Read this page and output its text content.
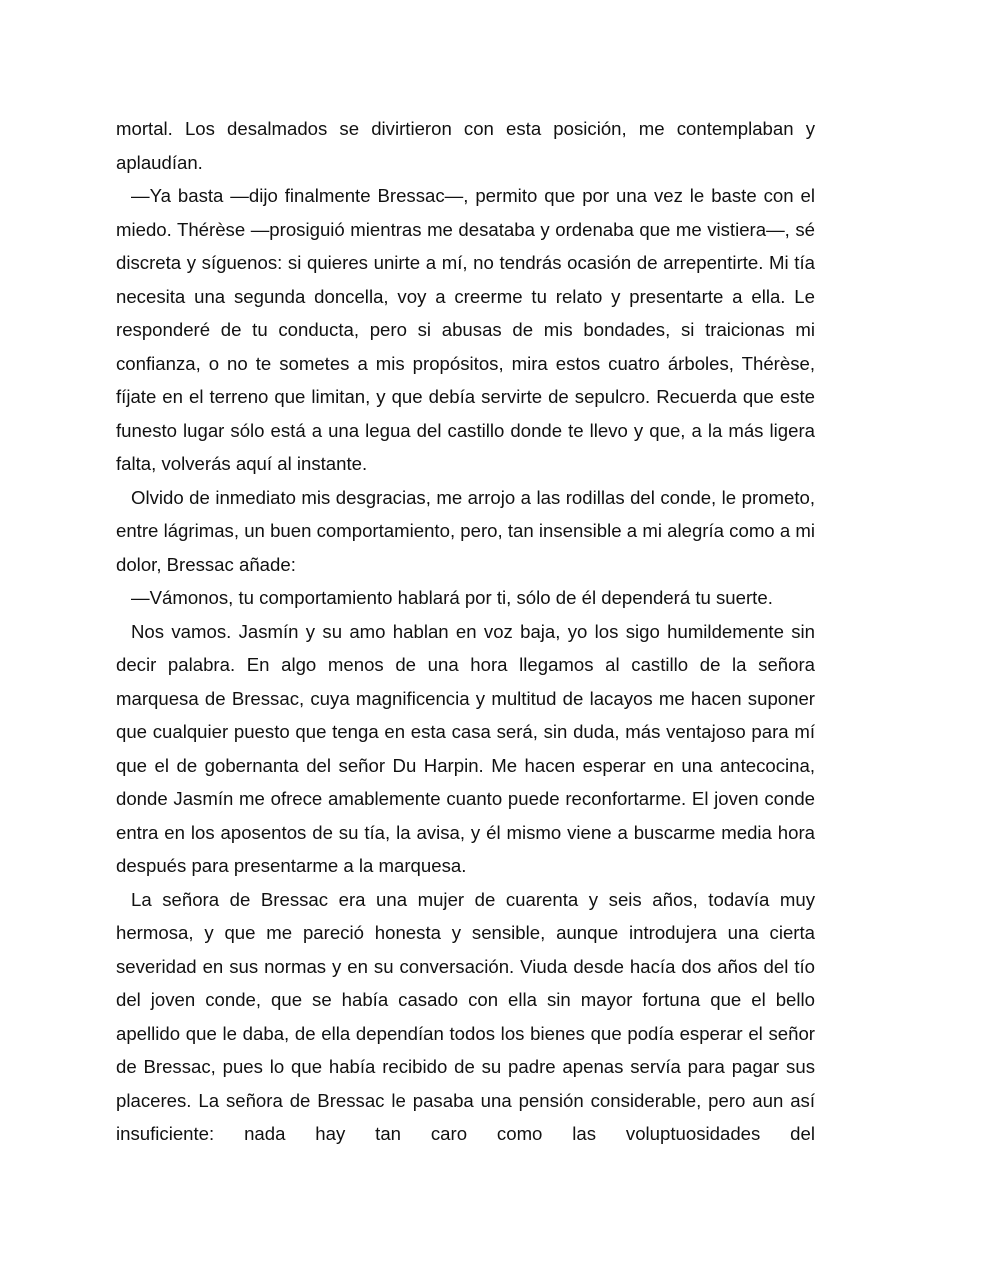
mortal. Los desalmados se divirtieron con esta posición, me contemplaban y aplaudían.

—Ya basta —dijo finalmente Bressac—, permito que por una vez le baste con el miedo. Thérèse —prosiguió mientras me desataba y ordenaba que me vistiera—, sé discreta y síguenos: si quieres unirte a mí, no tendrás ocasión de arrepentirte. Mi tía necesita una segunda doncella, voy a creerme tu relato y presentarte a ella. Le responderé de tu conducta, pero si abusas de mis bondades, si traicionas mi confianza, o no te sometes a mis propósitos, mira estos cuatro árboles, Thérèse, fíjate en el terreno que limitan, y que debía servirte de sepulcro. Recuerda que este funesto lugar sólo está a una legua del castillo donde te llevo y que, a la más ligera falta, volverás aquí al instante.

Olvido de inmediato mis desgracias, me arrojo a las rodillas del conde, le prometo, entre lágrimas, un buen comportamiento, pero, tan insensible a mi alegría como a mi dolor, Bressac añade:

—Vámonos, tu comportamiento hablará por ti, sólo de él dependerá tu suerte.

Nos vamos. Jasmín y su amo hablan en voz baja, yo los sigo humildemente sin decir palabra. En algo menos de una hora llegamos al castillo de la señora marquesa de Bressac, cuya magnificencia y multitud de lacayos me hacen suponer que cualquier puesto que tenga en esta casa será, sin duda, más ventajoso para mí que el de gobernanta del señor Du Harpin. Me hacen esperar en una antecocina, donde Jasmín me ofrece amablemente cuanto puede reconfortarme. El joven conde entra en los aposentos de su tía, la avisa, y él mismo viene a buscarme media hora después para presentarme a la marquesa.

La señora de Bressac era una mujer de cuarenta y seis años, todavía muy hermosa, y que me pareció honesta y sensible, aunque introdujera una cierta severidad en sus normas y en su conversación. Viuda desde hacía dos años del tío del joven conde, que se había casado con ella sin mayor fortuna que el bello apellido que le daba, de ella dependían todos los bienes que podía esperar el señor de Bressac, pues lo que había recibido de su padre apenas servía para pagar sus placeres. La señora de Bressac le pasaba una pensión considerable, pero aun así insuficiente: nada hay tan caro como las voluptuosidades del
